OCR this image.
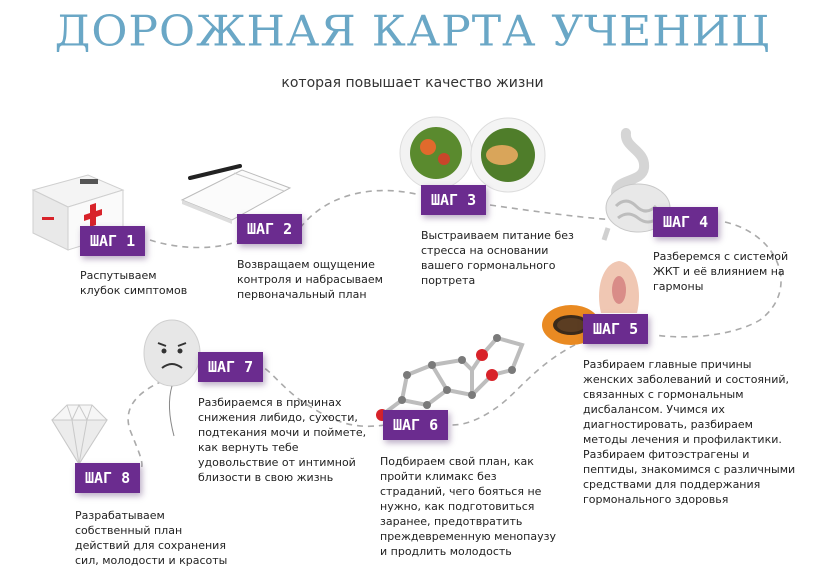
ДОРОЖНАЯ КАРТА УЧЕНИЦ
которая повышает качество жизни
ШАГ 1
ШАГ 2
ШАГ 3
ШАГ 4
ШАГ 5
ШАГ 6
ШАГ 7
ШАГ 8
Распутываем клубок симптомов
Возвращаем ощущение контроля и набрасываем первоначальный план
Выстраиваем питание без стресса на основании вашего гормонального портрета
Разберемся с системой ЖКТ и её влиянием на гармоны
Разбираем главные причины женских заболеваний и состояний, связанных с гормональным дисбалансом. Учимся их диагностировать, разбираем методы лечения и профилактики. Разбираем фитоэстрагены и пептиды, знакомимся с различными средствами для поддержания гормонального здоровья
Подбираем свой план, как пройти климакс без страданий, чего бояться не нужно, как подготовиться заранее, предотвратить преждевременную менопаузу и продлить молодость
Разбираемся в причинах снижения либидо, сухости, подтекания мочи и поймете, как вернуть тебе удовольствие от интимной близости в свою жизнь
Разрабатываем собственный план действий для сохранения сил, молодости и красоты
